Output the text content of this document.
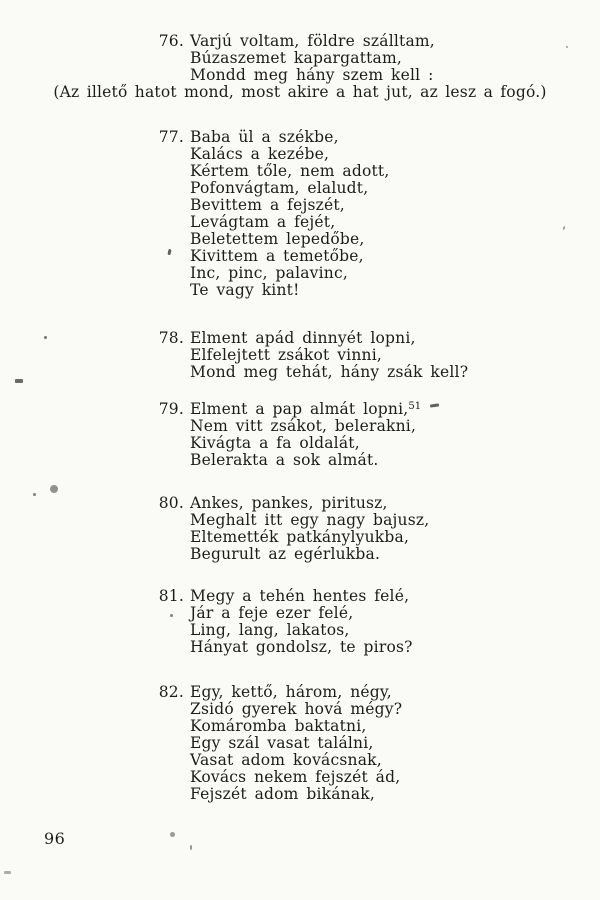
76. Varjú voltam, földre szálltam,
Búzaszemet kapargattam,
Mondd meg hány szem kell :
(Az illető hatot mond, most akire a hat jut, az lesz a fogó.)
77. Baba ül a székbe,
Kalács a kezébe,
Kértem tőle, nem adott,
Pofonvágtam, elaludt,
Bevittem a fejszét,
Levágtam a fejét,
Beletettem lepedőbe,
Kivittem a temetőbe,
Inc, pinc, palavinc,
Te vagy kint!
78. Elment apád dinnyét lopni,
Elfelejtett zsákot vinni,
Mond meg tehát, hány zsák kell?
79. Elment a pap almát lopni,$^{51}$
Nem vitt zsákot, belerakni,
Kivágta a fa oldalát,
Belerakta a sok almát.
80. Ankes, pankes, piritusz,
Meghalt itt egy nagy bajusz,
Eltemették patkánylyukba,
Begurult az egérlukba.
81. Megy a tehén hentes felé,
Jár a feje ezer felé,
Ling, lang, lakatos,
Hányat gondolsz, te piros?
82. Egy, kettő, három, négy,
Zsidó gyerek hová mégy?
Komáromba baktatni,
Egy szál vasat találni,
Vasat adom kovácsnak,
Kovács nekem fejszét ád,
Fejszét adom bikának,
96
